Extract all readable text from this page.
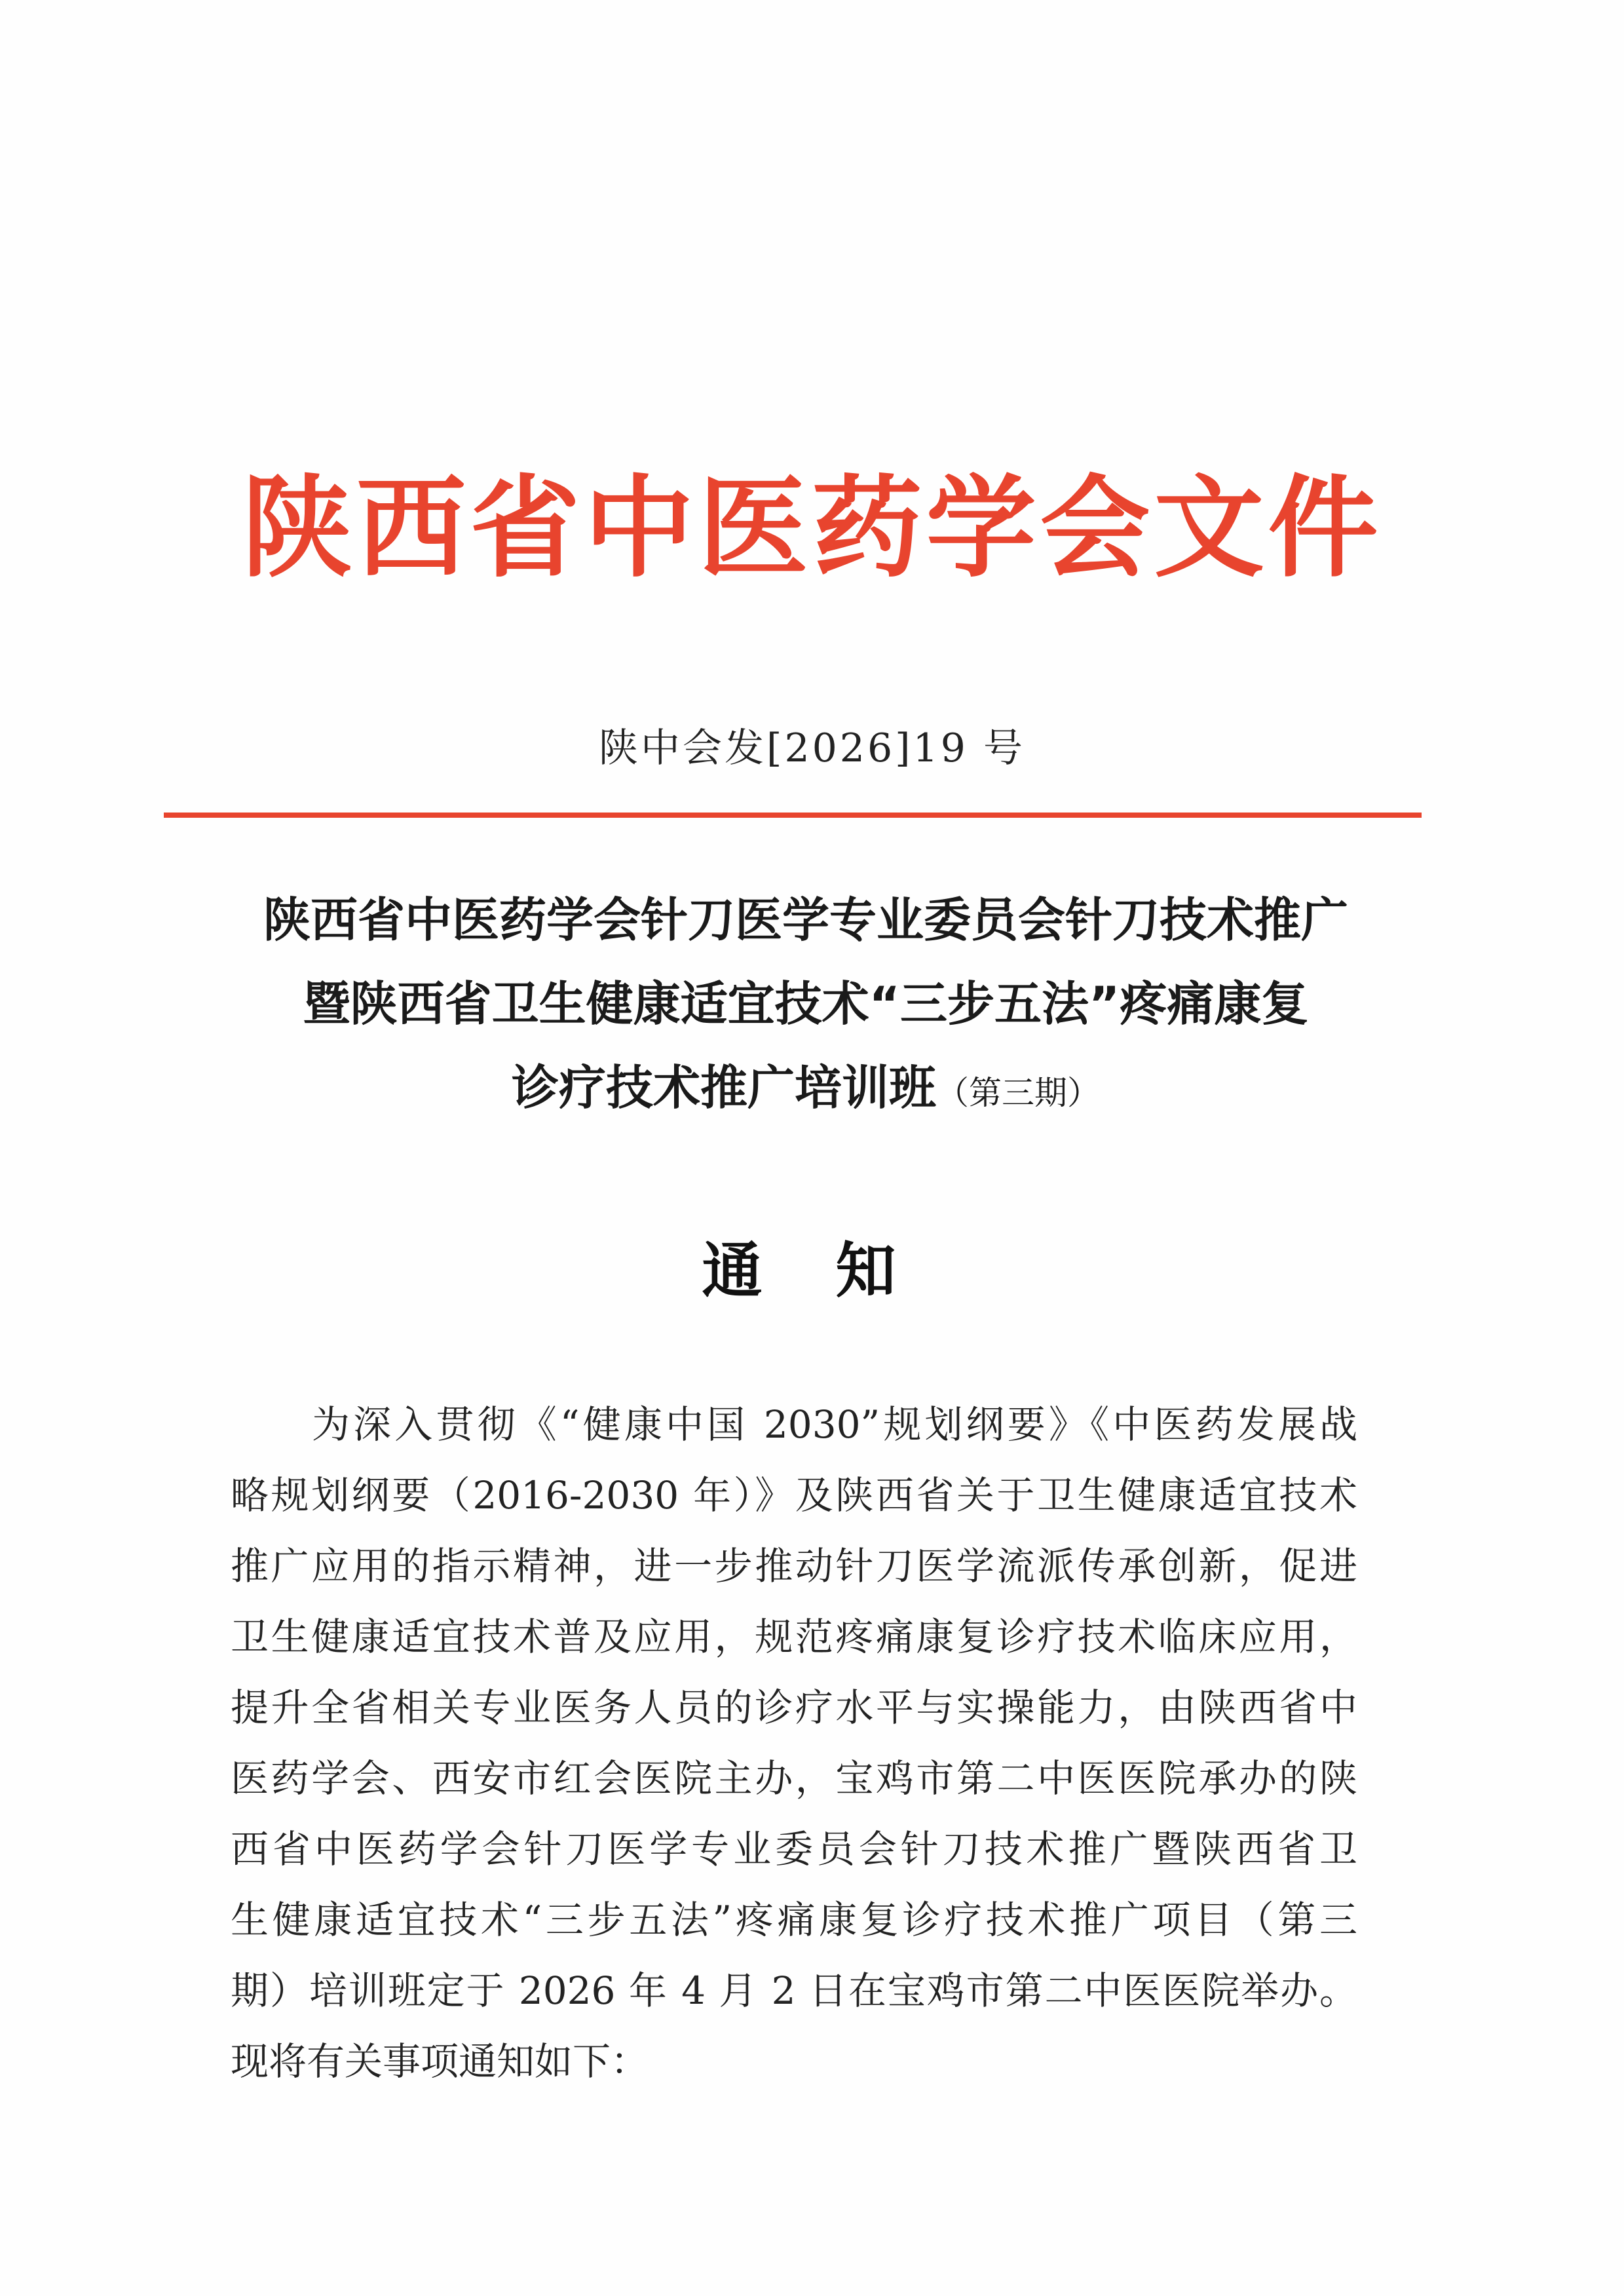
陕西省中医药学会文件
陕中会发[2026]19 号
陕西省中医药学会针刀医学专业委员会针刀技术推广
暨陕西省卫生健康适宜技术“三步五法”疼痛康复
诊疗技术推广培训班（第三期）
通 知
为深入贯彻《“健康中国 2030”规划纲要》《中医药发展战
略规划纲要（2016-2030 年）》及陕西省关于卫生健康适宜技术
推广应用的指示精神，进一步推动针刀医学流派传承创新，促进
卫生健康适宜技术普及应用，规范疼痛康复诊疗技术临床应用，
提升全省相关专业医务人员的诊疗水平与实操能力，由陕西省中
医药学会、西安市红会医院主办，宝鸡市第二中医医院承办的陕
西省中医药学会针刀医学专业委员会针刀技术推广暨陕西省卫
生健康适宜技术“三步五法”疼痛康复诊疗技术推广项目（第三
期）培训班定于 2026 年 4 月 2 日在宝鸡市第二中医医院举办。
现将有关事项通知如下：
